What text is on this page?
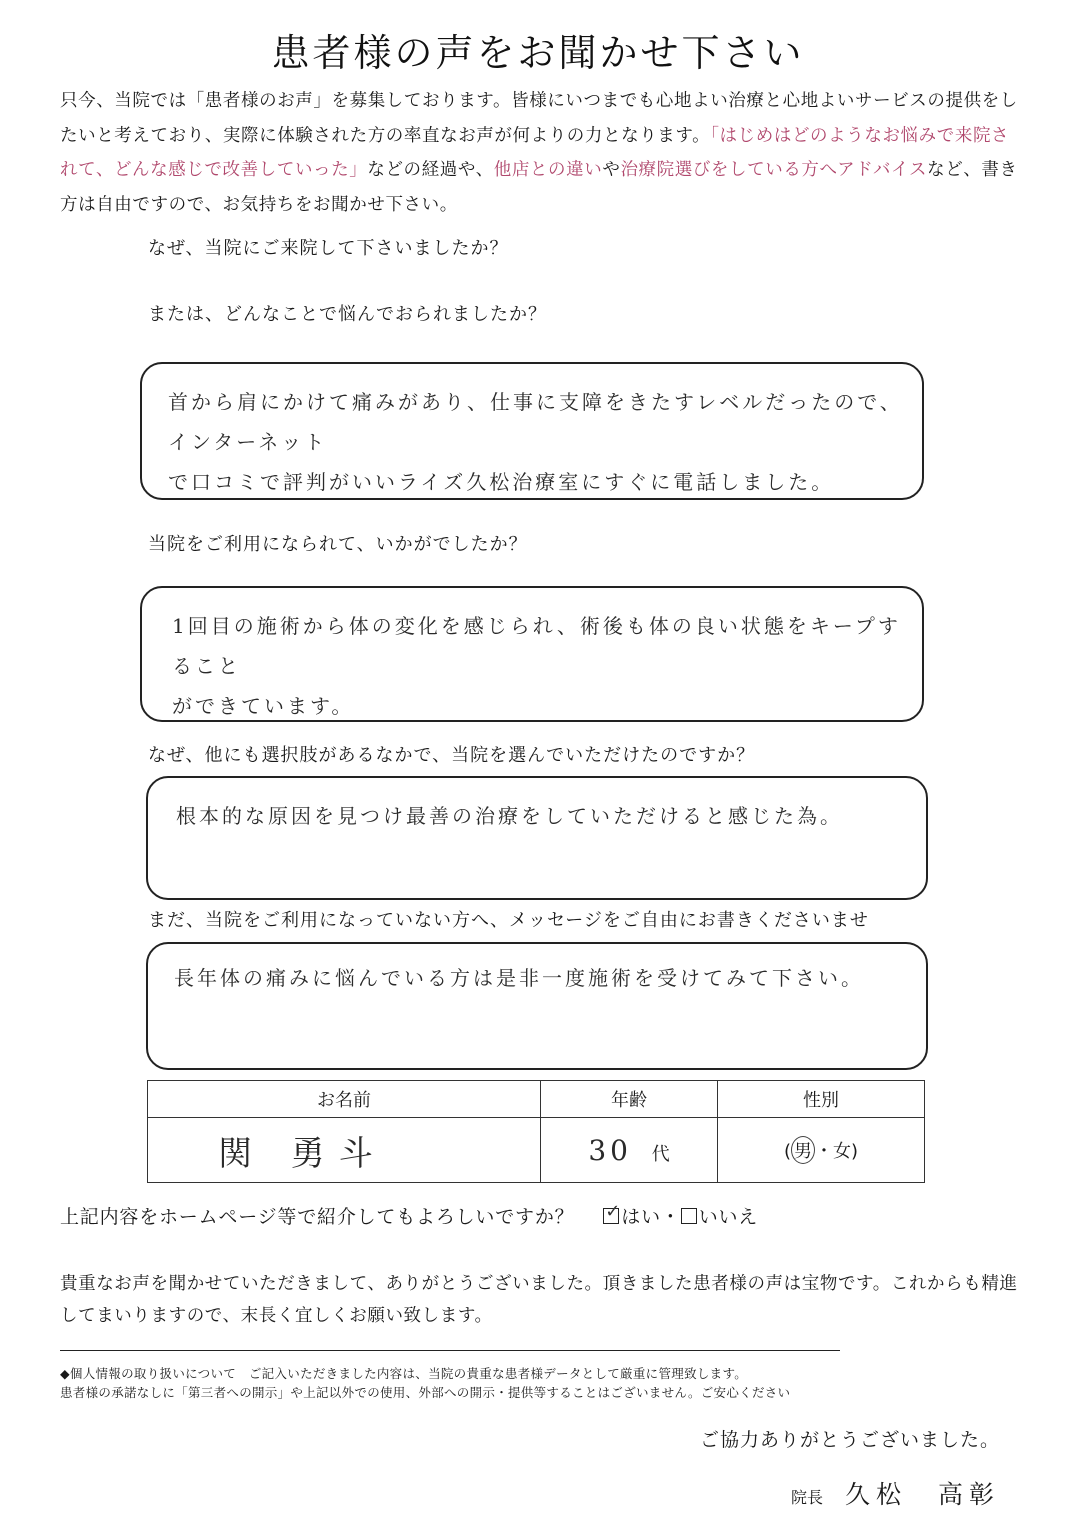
患者様の声をお聞かせ下さい
只今、当院では「患者様のお声」を募集しております。皆様にいつまでも心地よい治療と心地よいサービスの提供をしたいと考えており、実際に体験された方の率直なお声が何よりの力となります。「はじめはどのようなお悩みで来院されて、どんな感じで改善していった」などの経過や、他店との違いや治療院選びをしている方へアドバイスなど、書き方は自由ですので、お気持ちをお聞かせ下さい。
なぜ、当院にご来院して下さいましたか？
または、どんなことで悩んでおられましたか？
首から肩にかけて痛みがあり、仕事に支障をきたすレベルだったので、インターネット
で口コミで評判がいいライズ久松治療室にすぐに電話しました。
当院をご利用になられて、いかがでしたか？
1回目の施術から体の変化を感じられ、術後も体の良い状態をキープすること
ができています。
なぜ、他にも選択肢があるなかで、当院を選んでいただけたのですか？
根本的な原因を見つけ最善の治療をしていただけると感じた為。
まだ、当院をご利用になっていない方へ、メッセージをご自由にお書きくださいませ
長年体の痛みに悩んでいる方は是非一度施術を受けてみて下さい。
お名前	年齢	性別
関 勇斗	30 代	( 男 ・女)
上記内容をホームページ等で紹介してもよろしいですか？ ✓ はい・ いいえ
貴重なお声を聞かせていただきまして、ありがとうございました。頂きました患者様の声は宝物です。これからも精進してまいりますので、末長く宜しくお願い致します。
◆個人情報の取り扱いについて　ご記入いただきました内容は、当院の貴重な患者様データとして厳重に管理致します。
患者様の承諾なしに「第三者への開示」や上記以外での使用、外部への開示・提供等することはございません。ご安心ください
ご協力ありがとうございました。
院長 久松　高彰
